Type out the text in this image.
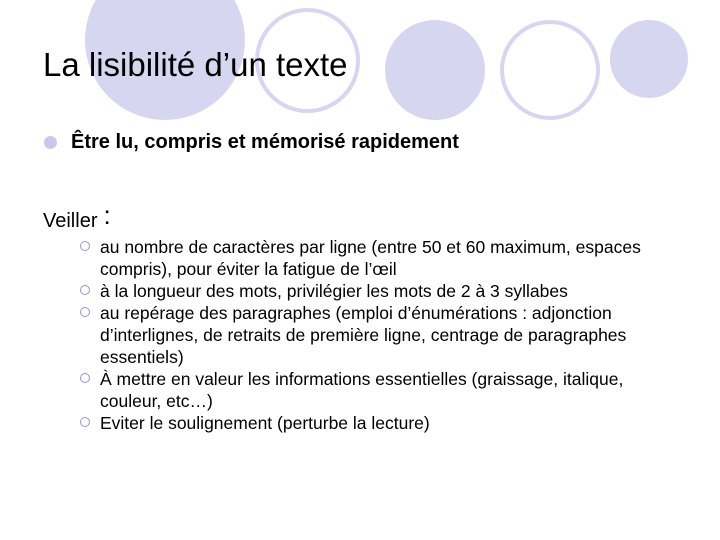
La lisibilité d’un texte
Être lu, compris et mémorisé rapidement
Veiller :
au nombre de caractères par ligne (entre 50 et 60 maximum, espaces compris), pour éviter la fatigue de l’œil
à la longueur des mots, privilégier les mots de 2 à 3 syllabes
au repérage des paragraphes (emploi d’énumérations : adjonction d’interlignes, de retraits de première ligne, centrage de paragraphes essentiels)
À mettre en valeur les informations essentielles (graissage, italique, couleur, etc…)
Eviter le soulignement (perturbe la lecture)
